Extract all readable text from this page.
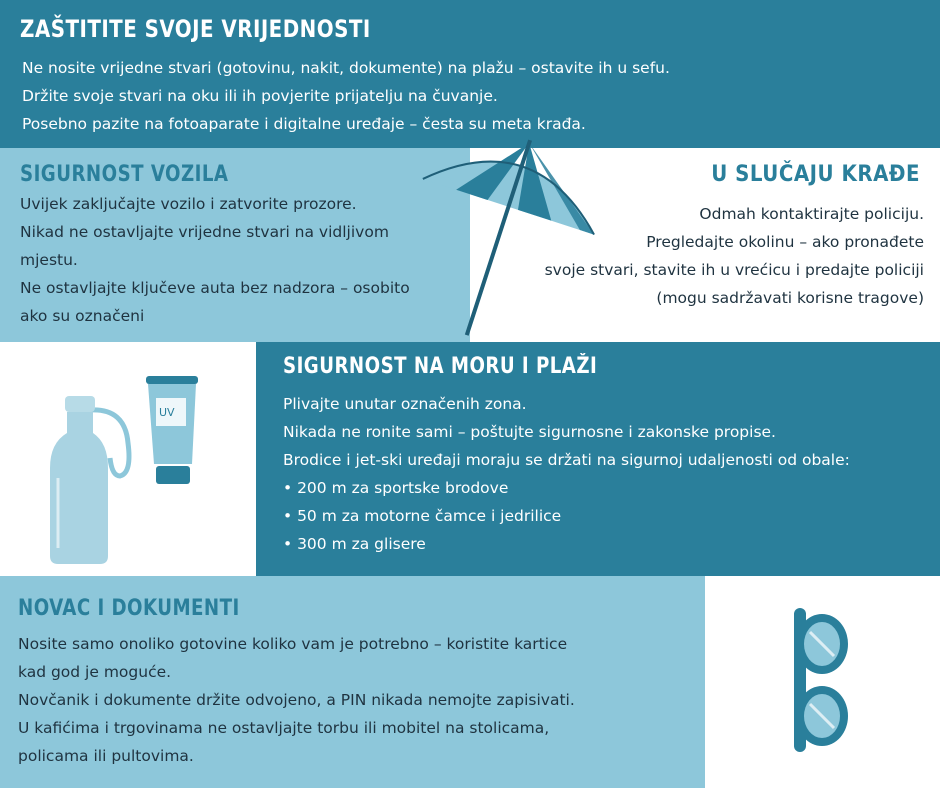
ZAŠTITITE SVOJE VRIJEDNOSTI
Ne nosite vrijedne stvari (gotovinu, nakit, dokumente) na plažu – ostavite ih u sefu.
Držite svoje stvari na oku ili ih povjerite prijatelju na čuvanje.
Posebno pazite na fotoaparate i digitalne uređaje – česta su meta krađa.
SIGURNOST VOZILA
Uvijek zaključajte vozilo i zatvorite prozore.
Nikad ne ostavljajte vrijedne stvari na vidljivom
mjestu.
Ne ostavljajte ključeve auta bez nadzora – osobito
ako su označeni
U SLUČAJU KRAĐE
Odmah kontaktirajte policiju.
Pregledajte okolinu – ako pronađete
svoje stvari, stavite ih u vrećicu i predajte policiji
(mogu sadržavati korisne tragove)
SIGURNOST NA MORU I PLAŽI
Plivajte unutar označenih zona.
Nikada ne ronite sami – poštujte sigurnosne i zakonske propise.
Brodice i jet-ski uređaji moraju se držati na sigurnoj udaljenosti od obale:
• 200 m za sportske brodove
• 50 m za motorne čamce i jedrilice
• 300 m za glisere
UV
NOVAC I DOKUMENTI
Nosite samo onoliko gotovine koliko vam je potrebno – koristite kartice
kad god je moguće.
Novčanik i dokumente držite odvojeno, a PIN nikada nemojte zapisivati.
U kafićima i trgovinama ne ostavljajte torbu ili mobitel na stolicama,
policama ili pultovima.
